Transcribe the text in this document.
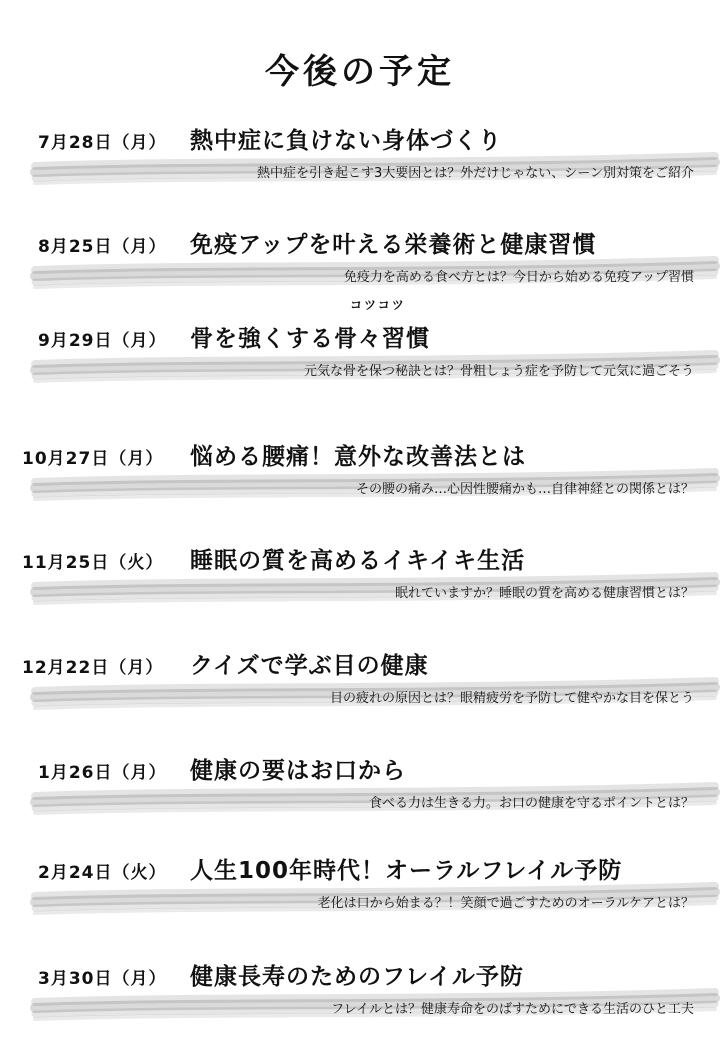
今後の予定
7月28日（月） 熱中症に負けない身体づくり
熱中症を引き起こす3大要因とは？外だけじゃない、シーン別対策をご紹介
8月25日（月） 免疫アップを叶える栄養術と健康習慣
免疫力を高める食べ方とは？今日から始める免疫アップ習慣
9月29日（月） 骨を強くする骨々習慣
コツコツ
元気な骨を保つ秘訣とは？骨粗しょう症を予防して元気に過ごそう
10月27日（月） 悩める腰痛！意外な改善法とは
その腰の痛み…心因性腰痛かも…自律神経との関係とは？
11月25日（火） 睡眠の質を高めるイキイキ生活
眠れていますか？睡眠の質を高める健康習慣とは？
12月22日（月） クイズで学ぶ目の健康
目の疲れの原因とは？眼精疲労を予防して健やかな目を保とう
1月26日（月） 健康の要はお口から
食べる力は生きる力。お口の健康を守るポイントとは？
2月24日（火） 人生100年時代！オーラルフレイル予防
老化は口から始まる？！笑顔で過ごすためのオーラルケアとは？
3月30日（月） 健康長寿のためのフレイル予防
フレイルとは？健康寿命をのばすためにできる生活のひと工夫
